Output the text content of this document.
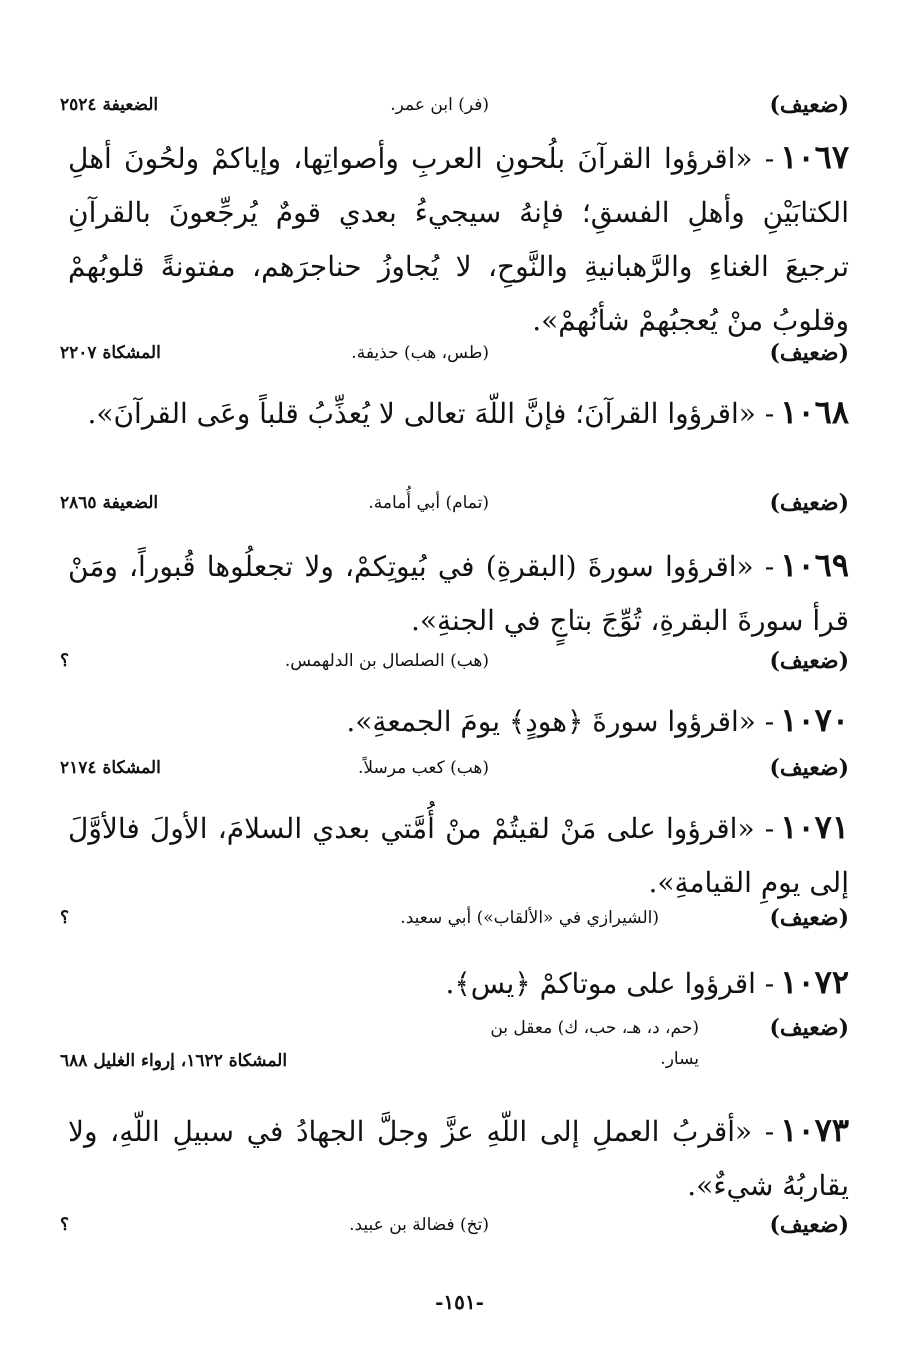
( ضعيف )
(فر) ابن عمر.
الضعيفة ٢٥٢٤
١٠٦٧- «اقرؤوا القرآنَ بلُحونِ العربِ وأصواتِها، وإياكمْ ولحُونَ أهلِ الكتابَيْنِ وأهلِ الفسقِ؛ فإنهُ سيجيءُ بعدي قومٌ يُرجِّعونَ بالقرآنِ ترجيعَ الغناءِ والرَّهبانيةِ والنَّوحِ، لا يُجاوزُ حناجرَهم، مفتونةً قلوبُهمْ وقلوبُ منْ يُعجبُهمْ شأنُهمْ».
( ضعيف )
(طس، هب) حذيفة.
المشكاة ٢٢٠٧
١٠٦٨- «اقرؤوا القرآنَ؛ فإنَّ اللّهَ تعالى لا يُعذِّبُ قلباً وعَى القرآنَ».
( ضعيف )
(تمام) أبي أُمامة.
الضعيفة ٢٨٦٥
١٠٦٩- «اقرؤوا سورةَ (البقرةِ) في بُيوتِكمْ، ولا تجعلُوها قُبوراً، ومَنْ قرأ سورةَ البقرةِ، تُوِّجَ بتاجٍ في الجنةِ».
( ضعيف )
(هب) الصلصال بن الدلهمس.
؟
١٠٧٠- «اقرؤوا سورةَ ﴿هودٍ﴾ يومَ الجمعةِ».
( ضعيف )
(هب) كعب مرسلاً.
المشكاة ٢١٧٤
١٠٧١- «اقرؤوا على مَنْ لقيتُمْ منْ أُمَّتي بعدي السلامَ، الأولَ فالأوَّلَ إلى يومِ القيامةِ».
( ضعيف )
(الشيرازي في «الألقاب») أبي سعيد.
؟
١٠٧٢- اقرؤوا على موتاكمْ ﴿يس﴾.
( ضعيف )
(حم، د، هـ، حب، ك) معقل بن
يسار.
المشكاة ١٦٢٢، إرواء الغليل ٦٨٨
١٠٧٣- «أقربُ العملِ إلى اللّهِ عزَّ وجلَّ الجهادُ في سبيلِ اللّهِ، ولا يقاربُهُ شيءٌ».
( ضعيف )
(تخ) فضالة بن عبيد.
؟
-١٥١-
